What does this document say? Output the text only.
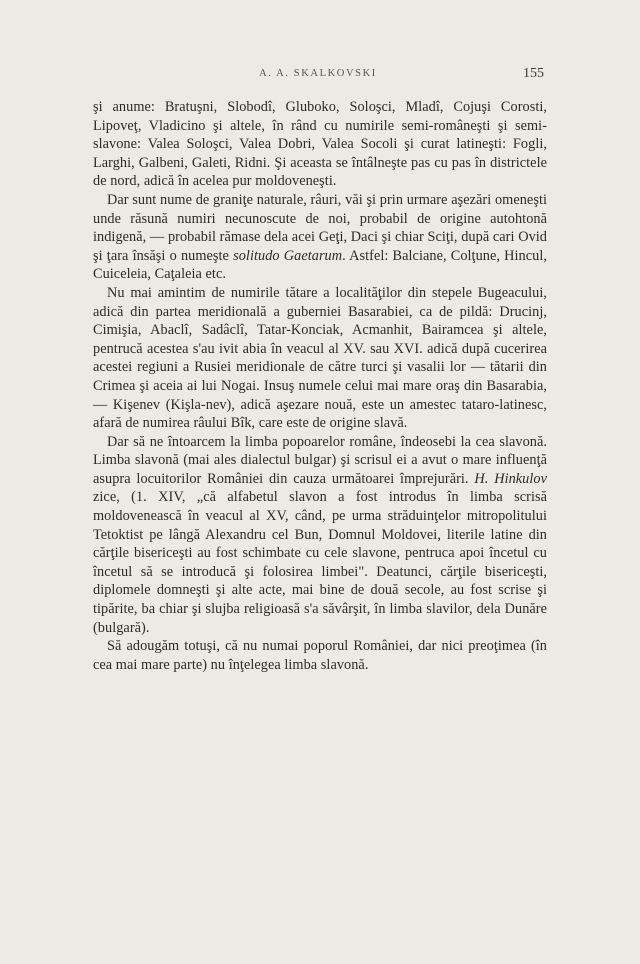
A. A. SKALKOVSKI	155

şi anume: Bratuşni, Slobodî, Gluboko, Soloşci, Mladî, Cojuşi Corosti, Lipoveţ, Vladicino şi altele, în rând cu numirile semi-româneşti şi semi-slavone: Valea Soloşci, Valea Dobri, Valea Socoli şi curat latineşti: Fogli, Larghi, Galbeni, Galeti, Ridni. Şi aceasta se întâlneşte pas cu pas în districtele de nord, adică în acelea pur moldoveneşti.

Dar sunt nume de graniţe naturale, râuri, văi şi prin urmare aşezări omeneşti unde răsună numiri necunoscute de noi, probabil de origine autohtonă indigenă, — probabil rămase dela acei Geţi, Daci şi chiar Sciţi, după cari Ovid şi ţara însăşi o numeşte solitudo Gaetarum. Astfel: Balciane, Colţune, Hincul, Cuiceleia, Caţaleia etc.

Nu mai amintim de numirile tătare a localităţilor din stepele Bugeacului, adică din partea meridională a guberniei Basarabiei, ca de pildă: Drucinj, Cimişia, Abaclî, Sadâclî, Tatar-Konciak, Acmanhit, Bairamcea şi altele, pentrucă acestea s'au ivit abia în veacul al XV. sau XVI. adică după cucerirea acestei regiuni a Rusiei meridionale de către turci şi vasalii lor — tătarii din Crimea şi aceia ai lui Nogai. Insuş numele celui mai mare oraş din Basarabia, — Kişenev (Kişla-nev), adică aşezare nouă, este un amestec tataro-latinesc, afară de numirea râului Bîk, care este de origine slavă.

Dar să ne întoarcem la limba popoarelor române, îndeosebi la cea slavonă. Limba slavonă (mai ales dialectul bulgar) şi scrisul ei a avut o mare influenţă asupra locuitorilor României din cauza următoarei împrejurări. H. Hinkulov zice, (1. XIV, „că alfabetul slavon a fost introdus în limba scrisă moldovenească în veacul al XV, când, pe urma străduinţelor mitropolitului Tetoktist pe lângă Alexandru cel Bun, Domnul Moldovei, literile latine din cărţile bisericeşti au fost schimbate cu cele slavone, pentruca apoi încetul cu încetul să se introducă şi folosirea limbei". Deatunci, cărţile bisericeşti, diplomele domneşti şi alte acte, mai bine de două secole, au fost scrise şi tipărite, ba chiar şi slujba religioasă s'a săvârşit, în limba slavilor, dela Dunăre (bulgară).

Să adougăm totuşi, că nu numai poporul României, dar nici preoţimea (în cea mai mare parte) nu înţelegea limba slavonă.
